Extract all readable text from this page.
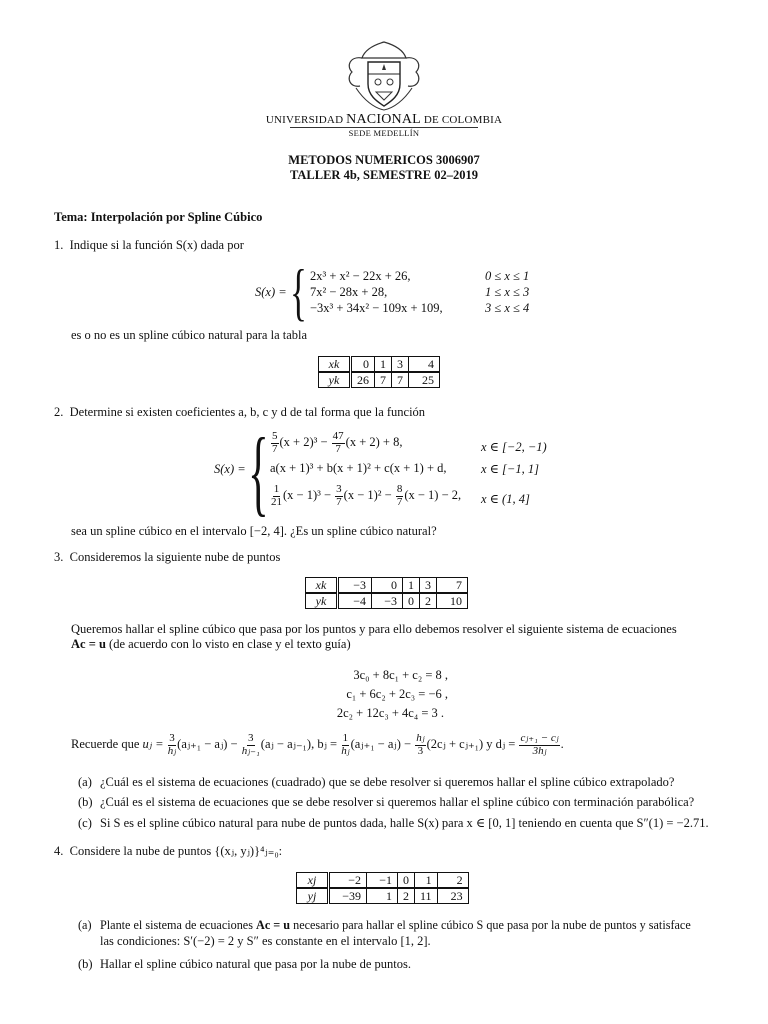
UNIVERSIDAD NACIONAL DE COLOMBIA
SEDE MEDELLÍN
METODOS NUMERICOS 3006907
TALLER 4b, SEMESTRE 02–2019
Tema: Interpolación por Spline Cúbico
1. Indique si la función S(x) dada por
S(x) = { 2x³ + x² − 22x + 26,	0 ≤ x ≤ 1
7x² − 28x + 28,	1 ≤ x ≤ 3
−3x³ + 34x² − 109x + 109,	3 ≤ x ≤ 4
es o no es un spline cúbico natural para la tabla
xk	0	1	3	4
yk	26	7	7	25
2. Determine si existen coeficientes a, b, c y d de tal forma que la función
S(x) = { $\frac{5}{7} (x + 2)^3 - \frac{47}{7} (x + 2) + 8$,	x ∈ [−2, −1)
a(x + 1)³ + b(x + 1)² + c(x + 1) + d,	x ∈ [−1, 1]
$\frac{1}{21} (x - 1)^3 - \frac{3}{7} (x - 1)^2 - \frac{8}{7} (x - 1) - 2$, x ∈ (1, 4]
sea un spline cúbico en el intervalo [−2, 4]. ¿Es un spline cúbico natural?
3. Consideremos la siguiente nube de puntos
xk	−3	0	1	3	7
yk	−4	−3	0	2	10
Queremos hallar el spline cúbico que pasa por los puntos y para ello debemos resolver el siguiente sistema de ecuaciones
Ac = u (de acuerdo con lo visto en clase y el texto guía)
3c₀ + 8c₁ + c₂ = 8 ,
c₁ + 6c₂ + 2c₃ = −6 ,
2c₂ + 12c₃ + 4c₄ = 3 .
Recuerde que uⱼ = $\frac{3}{\text{hⱼ}}$ (aⱼ₊₁ − aⱼ) − $\frac{3}{\text{hⱼ₋₁}}$ (aⱼ − aⱼ₋₁), bⱼ = $\frac{1}{\text{hⱼ}}$ (aⱼ₊₁ − aⱼ) − $\frac{\text{hⱼ}}{3}$ (2cⱼ + cⱼ₊₁) y dⱼ = $\frac{\text{cⱼ₊₁ − cⱼ}}{\text{3hⱼ}}$ .
(a) ¿Cuál es el sistema de ecuaciones (cuadrado) que se debe resolver si queremos hallar el spline cúbico extrapolado?
(b) ¿Cuál es el sistema de ecuaciones que se debe resolver si queremos hallar el spline cúbico con terminación parabólica?
(c) Si S es el spline cúbico natural para nube de puntos dada, halle S(x) para x ∈ [0, 1] teniendo en cuenta que S″(1) = −2.71.
4. Considere la nube de puntos {(xⱼ, yⱼ)}⁴ⱼ₌₀:
xj	−2	−1	0	1	2
yj	−39	1	2	11	23
(a) Plante el sistema de ecuaciones Ac = u necesario para hallar el spline cúbico S que pasa por la nube de puntos y satisface
las condiciones: S′(−2) = 2 y S″ es constante en el intervalo [1, 2].
(b) Hallar el spline cúbico natural que pasa por la nube de puntos.
